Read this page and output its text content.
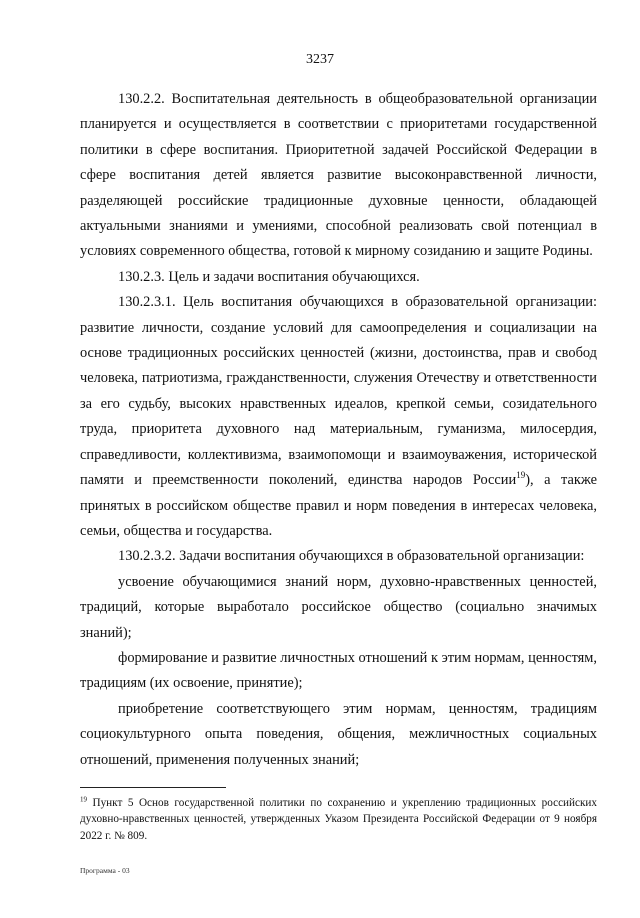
3237

130.2.2. Воспитательная деятельность в общеобразовательной организации планируется и осуществляется в соответствии с приоритетами государственной политики в сфере воспитания. Приоритетной задачей Российской Федерации в сфере воспитания детей является развитие высоконравственной личности, разделяющей российские традиционные духовные ценности, обладающей актуальными знаниями и умениями, способной реализовать свой потенциал в условиях современного общества, готовой к мирному созиданию и защите Родины.

130.2.3. Цель и задачи воспитания обучающихся.

130.2.3.1. Цель воспитания обучающихся в образовательной организации: развитие личности, создание условий для самоопределения и социализации на основе традиционных российских ценностей (жизни, достоинства, прав и свобод человека, патриотизма, гражданственности, служения Отечеству и ответственности за его судьбу, высоких нравственных идеалов, крепкой семьи, созидательного труда, приоритета духовного над материальным, гуманизма, милосердия, справедливости, коллективизма, взаимопомощи и взаимоуважения, исторической памяти и преемственности поколений, единства народов России$^{19}$), а также принятых в российском обществе правил и норм поведения в интересах человека, семьи, общества и государства.

130.2.3.2. Задачи воспитания обучающихся в образовательной организации:

усвоение обучающимися знаний норм, духовно-нравственных ценностей, традиций, которые выработало российское общество (социально значимых знаний);

формирование и развитие личностных отношений к этим нормам, ценностям, традициям (их освоение, принятие);

приобретение соответствующего этим нормам, ценностям, традициям социокультурного опыта поведения, общения, межличностных социальных отношений, применения полученных знаний;

$^{19}$ Пункт 5 Основ государственной политики по сохранению и укреплению традиционных российских духовно-нравственных ценностей, утвержденных Указом Президента Российской Федерации от 9 ноября 2022 г. № 809.
Программа - 03
